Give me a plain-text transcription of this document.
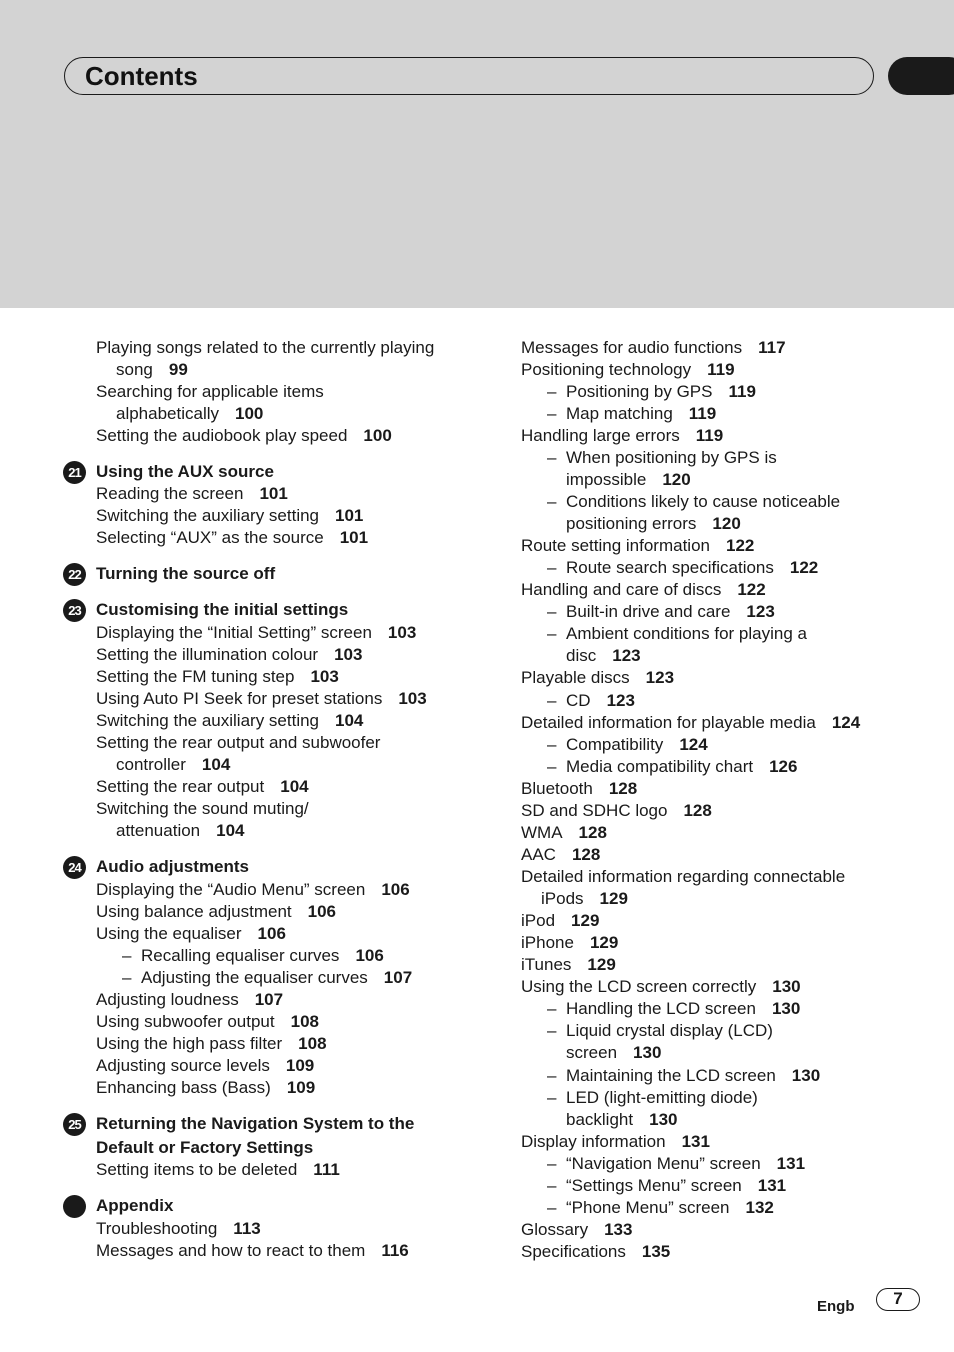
Contents
Playing songs related to the currently playing
song 99
Searching for applicable items
alphabetically 100
Setting the audiobook play speed 100
21 Using the AUX source
Reading the screen 101
Switching the auxiliary setting 101
Selecting “AUX” as the source 101
22 Turning the source off
23 Customising the initial settings
Displaying the “Initial Setting” screen 103
Setting the illumination colour 103
Setting the FM tuning step 103
Using Auto PI Seek for preset stations 103
Switching the auxiliary setting 104
Setting the rear output and subwoofer
controller 104
Setting the rear output 104
Switching the sound muting/
attenuation 104
24 Audio adjustments
Displaying the “Audio Menu” screen 106
Using balance adjustment 106
Using the equaliser 106
– Recalling equaliser curves 106
– Adjusting the equaliser curves 107
Adjusting loudness 107
Using subwoofer output 108
Using the high pass filter 108
Adjusting source levels 109
Enhancing bass (Bass) 109
25 Returning the Navigation System to the
Default or Factory Settings
Setting items to be deleted 111
Appendix
Troubleshooting 113
Messages and how to react to them 116
Messages for audio functions 117
Positioning technology 119
– Positioning by GPS 119
– Map matching 119
Handling large errors 119
– When positioning by GPS is
impossible 120
– Conditions likely to cause noticeable
positioning errors 120
Route setting information 122
– Route search specifications 122
Handling and care of discs 122
– Built-in drive and care 123
– Ambient conditions for playing a
disc 123
Playable discs 123
– CD 123
Detailed information for playable media 124
– Compatibility 124
– Media compatibility chart 126
Bluetooth 128
SD and SDHC logo 128
WMA 128
AAC 128
Detailed information regarding connectable
iPods 129
iPod 129
iPhone 129
iTunes 129
Using the LCD screen correctly 130
– Handling the LCD screen 130
– Liquid crystal display (LCD)
screen 130
– Maintaining the LCD screen 130
– LED (light-emitting diode)
backlight 130
Display information 131
– “Navigation Menu” screen 131
– “Settings Menu” screen 131
– “Phone Menu” screen 132
Glossary 133
Specifications 135
Engb	7
